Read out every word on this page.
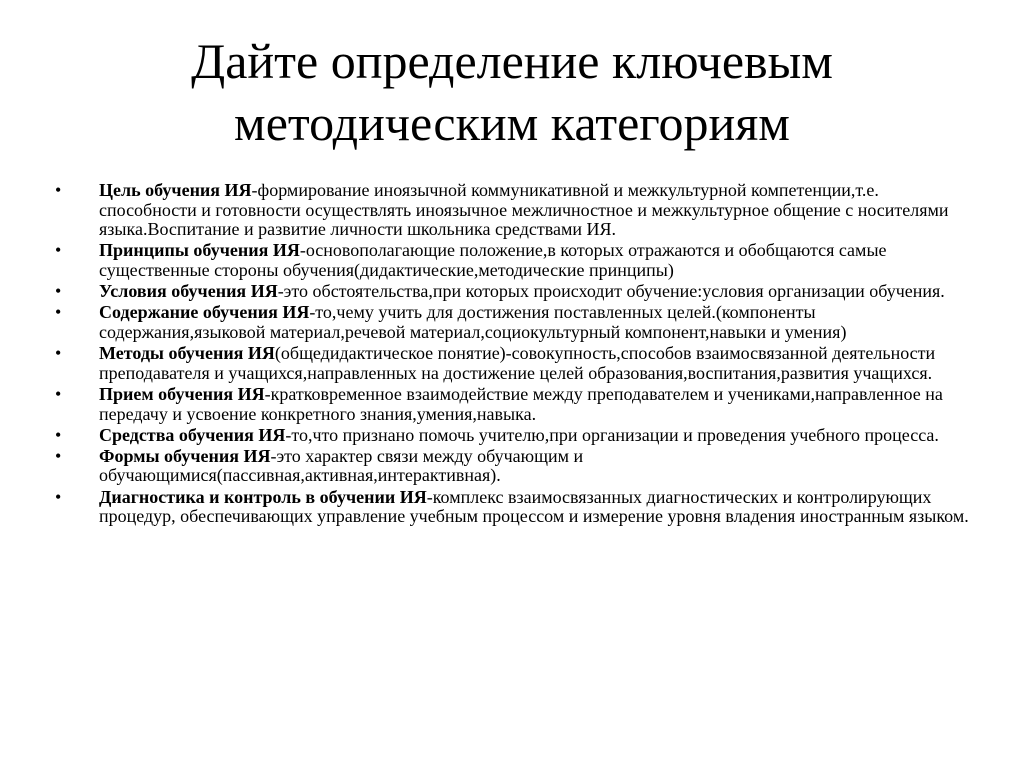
Дайте определение ключевым методическим категориям
• Цель обучения ИЯ-формирование иноязычной коммуникативной и межкультурной компетенции,т.е. способности и готовности осуществлять иноязычное межличностное и межкультурное общение с носителями языка.Воспитание и развитие личности школьника средствами ИЯ.
• Принципы обучения ИЯ-основополагающие положение,в которых отражаются и обобщаются самые существенные стороны обучения(дидактические,методические принципы)
• Условия обучения ИЯ-это обстоятельства,при которых происходит обучение:условия организации обучения.
• Содержание обучения ИЯ-то,чему учить для достижения поставленных целей.(компоненты содержания,языковой материал,речевой материал,социокультурный компонент,навыки и умения)
• Методы обучения ИЯ(общедидактическое понятие)-совокупность,способов взаимосвязанной деятельности преподавателя и учащихся,направленных на достижение целей образования,воспитания,развития учащихся.
• Прием обучения ИЯ-кратковременное взаимодействие между преподавателем и учениками,направленное на передачу и усвоение конкретного знания,умения,навыка.
• Средства обучения ИЯ-то,что признано помочь учителю,при организации и проведения учебного процесса.
• Формы обучения ИЯ-это характер связи между обучающим и обучающимися(пассивная,активная,интерактивная).
• Диагностика и контроль в обучении ИЯ-комплекс взаимосвязанных диагностических и контролирующих процедур, обеспечивающих управление учебным процессом и измерение уровня владения иностранным языком.
